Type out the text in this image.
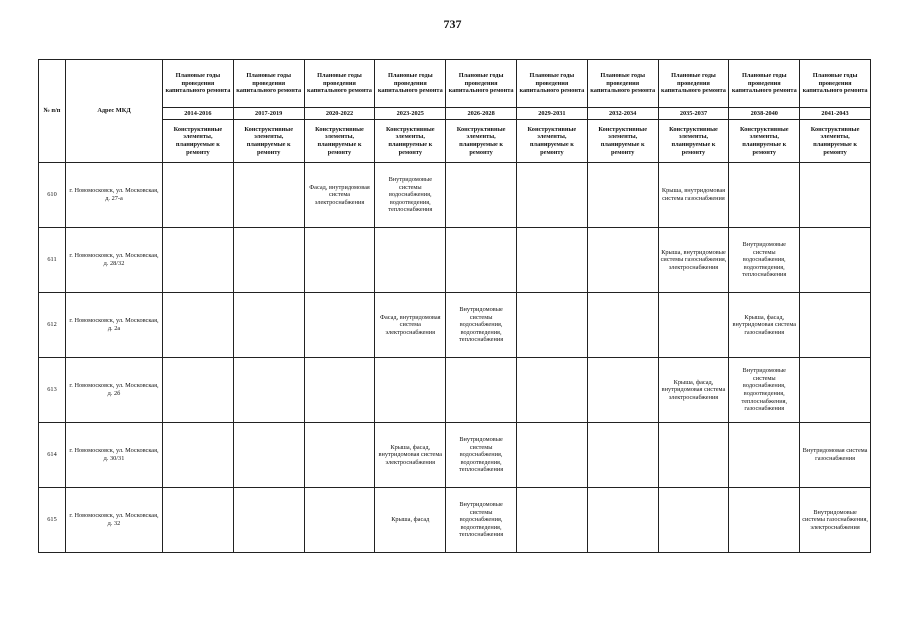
737
№ п/п	Адрес МКД	Плановые годы проведения капитального ремонта	Плановые годы проведения капитального ремонта	Плановые годы проведения капитального ремонта	Плановые годы проведения капитального ремонта	Плановые годы проведения капитального ремонта	Плановые годы проведения капитального ремонта	Плановые годы проведения капитального ремонта	Плановые годы проведения капитального ремонта	Плановые годы проведения капитального ремонта	Плановые годы проведения капитального ремонта
		2014-2016	2017-2019	2020-2022	2023-2025	2026-2028	2029-2031	2032-2034	2035-2037	2038-2040	2041-2043
		Конструктивные элементы, планируемые к ремонту	Конструктивные элементы, планируемые к ремонту	Конструктивные элементы, планируемые к ремонту	Конструктивные элементы, планируемые к ремонту	Конструктивные элементы, планируемые к ремонту	Конструктивные элементы, планируемые к ремонту	Конструктивные элементы, планируемые к ремонту	Конструктивные элементы, планируемые к ремонту	Конструктивные элементы, планируемые к ремонту	Конструктивные элементы, планируемые к ремонту
610	г. Новомосковск, ул. Московская, д. 27-а			Фасад, внутридомовая система электроснабжения	Внутридомовые системы водоснабжения, водоотведения, теплоснабжения				Крыша, внутридомовая система газоснабжения		
611	г. Новомосковск, ул. Московская, д. 28/32								Крыша, внутридомовые системы газоснабжения, электроснабжения	Внутридомовые системы водоснабжения, водоотведения, теплоснабжения	
612	г. Новомосковск, ул. Московская, д. 2а				Фасад, внутридомовая система электроснабжения	Внутридомовые системы водоснабжения, водоотведения, теплоснабжения				Крыша, фасад, внутридомовая система газоснабжения	
613	г. Новомосковск, ул. Московская, д. 2б								Крыша, фасад, внутридомовая система электроснабжения	Внутридомовые системы водоснабжения, водоотведения, теплоснабжения, газоснабжения	
614	г. Новомосковск, ул. Московская, д. 30/31				Крыша, фасад, внутридомовая система электроснабжения	Внутридомовые системы водоснабжения, водоотведения, теплоснабжения					Внутридомовая система газоснабжения
615	г. Новомосковск, ул. Московская, д. 32				Крыша, фасад	Внутридомовые системы водоснабжения, водоотведения, теплоснабжения					Внутридомовые системы газоснабжения, электроснабжения
